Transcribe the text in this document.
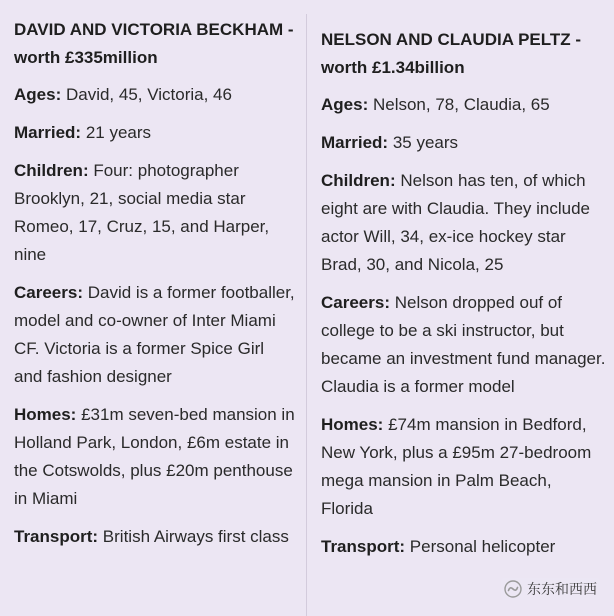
DAVID AND VICTORIA BECKHAM - worth £335million
Ages: David, 45, Victoria, 46
Married: 21 years
Children: Four: photographer Brooklyn, 21, social media star Romeo, 17, Cruz, 15, and Harper, nine
Careers: David is a former footballer, model and co-owner of Inter Miami CF. Victoria is a former Spice Girl and fashion designer
Homes: £31m seven-bed mansion in Holland Park, London, £6m estate in the Cotswolds, plus £20m penthouse in Miami
Transport: British Airways first class
NELSON AND CLAUDIA PELTZ - worth £1.34billion
Ages: Nelson, 78, Claudia, 65
Married: 35 years
Children: Nelson has ten, of which eight are with Claudia. They include actor Will, 34, ex-ice hockey star Brad, 30, and Nicola, 25
Careers: Nelson dropped ouf of college to be a ski instructor, but became an investment fund manager. Claudia is a former model
Homes: £74m mansion in Bedford, New York, plus a £95m 27-bedroom mega mansion in Palm Beach, Florida
Transport: Personal helicopter
东东和西西
